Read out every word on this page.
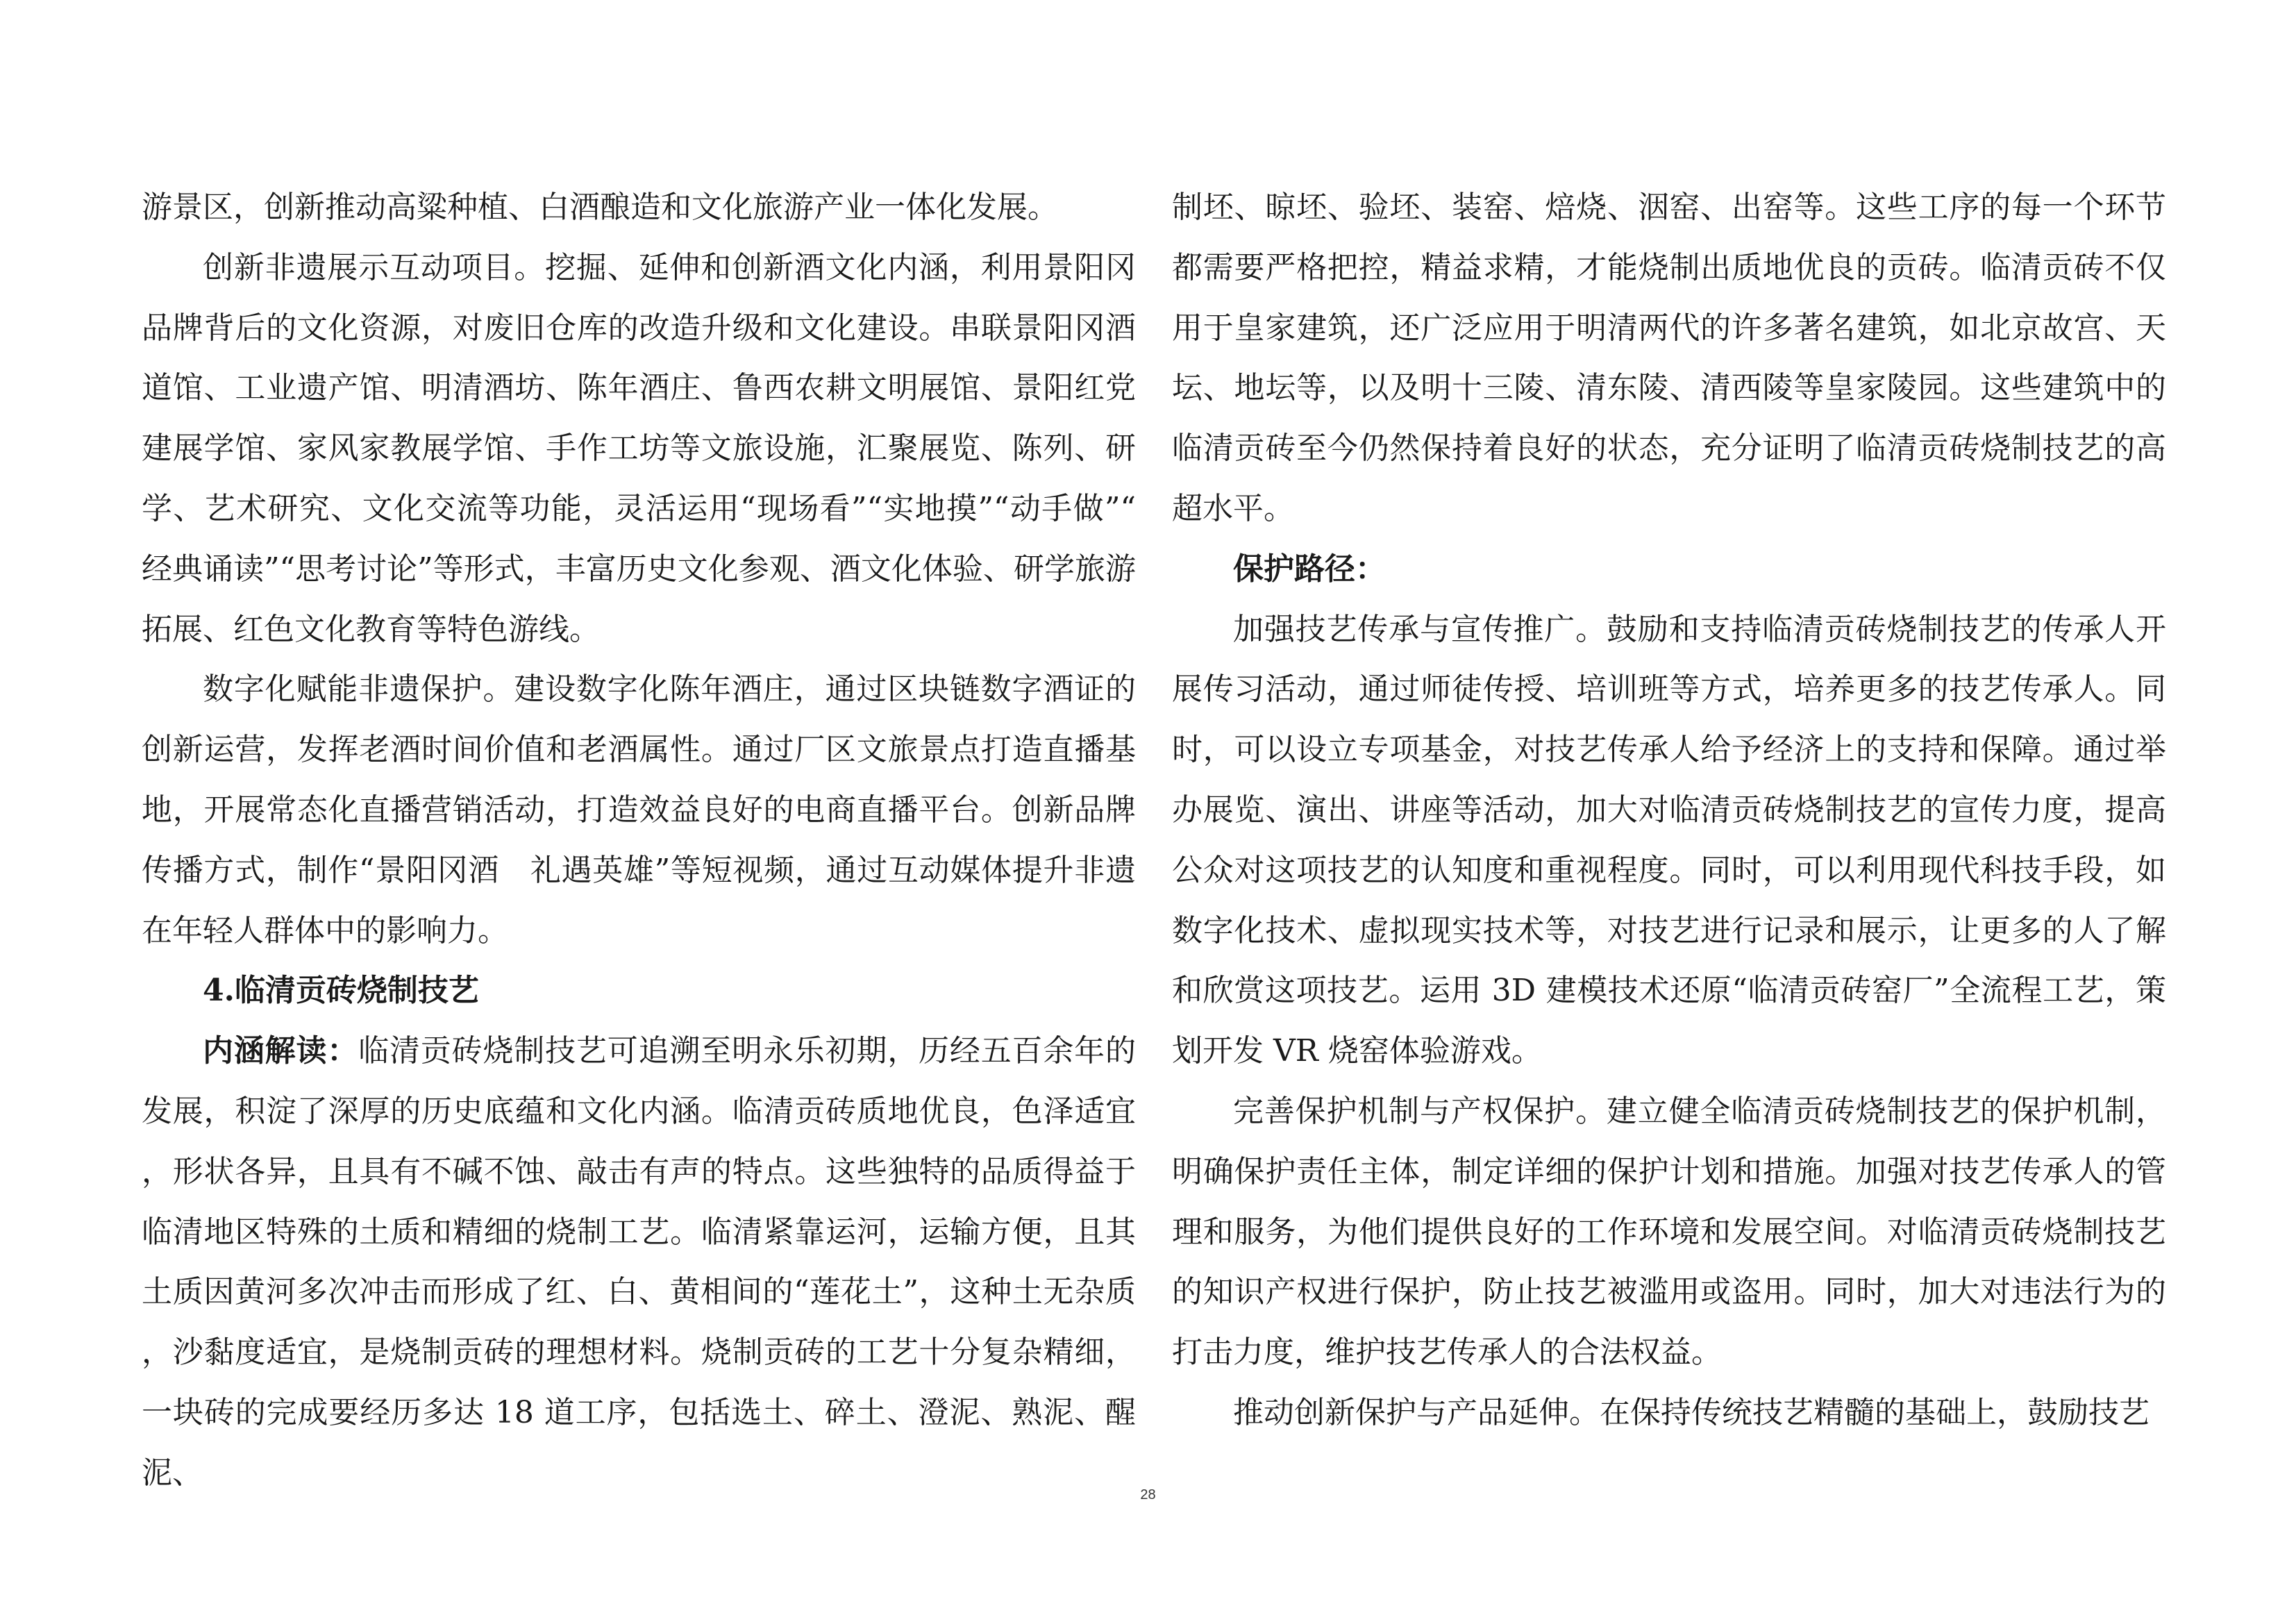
游景区，创新推动高粱种植、白酒酿造和文化旅游产业一体化发展。

创新非遗展示互动项目。挖掘、延伸和创新酒文化内涵，利用景阳冈品牌背后的文化资源，对废旧仓库的改造升级和文化建设。串联景阳冈酒道馆、工业遗产馆、明清酒坊、陈年酒庄、鲁西农耕文明展馆、景阳红党建展学馆、家风家教展学馆、手作工坊等文旅设施，汇聚展览、陈列、研学、艺术研究、文化交流等功能，灵活运用“现场看”“实地摸”“动手做”“经典诵读”“思考讨论”等形式，丰富历史文化参观、酒文化体验、研学旅游拓展、红色文化教育等特色游线。

数字化赋能非遗保护。建设数字化陈年酒庄，通过区块链数字酒证的创新运营，发挥老酒时间价值和老酒属性。通过厂区文旅景点打造直播基地，开展常态化直播营销活动，打造效益良好的电商直播平台。创新品牌传播方式，制作“景阳冈酒　礼遇英雄”等短视频，通过互动媒体提升非遗在年轻人群体中的影响力。

4.临清贡砖烧制技艺

内涵解读：临清贡砖烧制技艺可追溯至明永乐初期，历经五百余年的发展，积淀了深厚的历史底蕴和文化内涵。临清贡砖质地优良，色泽适宜，形状各异，且具有不碱不蚀、敲击有声的特点。这些独特的品质得益于临清地区特殊的土质和精细的烧制工艺。临清紧靠运河，运输方便，且其土质因黄河多次冲击而形成了红、白、黄相间的“莲花土”，这种土无杂质，沙黏度适宜，是烧制贡砖的理想材料。烧制贡砖的工艺十分复杂精细，一块砖的完成要经历多达 18 道工序，包括选土、碎土、澄泥、熟泥、醒泥、

制坯、晾坯、验坯、装窑、焙烧、洇窑、出窑等。这些工序的每一个环节都需要严格把控，精益求精，才能烧制出质地优良的贡砖。临清贡砖不仅用于皇家建筑，还广泛应用于明清两代的许多著名建筑，如北京故宫、天坛、地坛等，以及明十三陵、清东陵、清西陵等皇家陵园。这些建筑中的临清贡砖至今仍然保持着良好的状态，充分证明了临清贡砖烧制技艺的高超水平。

保护路径：

加强技艺传承与宣传推广。鼓励和支持临清贡砖烧制技艺的传承人开展传习活动，通过师徒传授、培训班等方式，培养更多的技艺传承人。同时，可以设立专项基金，对技艺传承人给予经济上的支持和保障。通过举办展览、演出、讲座等活动，加大对临清贡砖烧制技艺的宣传力度，提高公众对这项技艺的认知度和重视程度。同时，可以利用现代科技手段，如数字化技术、虚拟现实技术等，对技艺进行记录和展示，让更多的人了解和欣赏这项技艺。运用 3D 建模技术还原“临清贡砖窑厂”全流程工艺，策划开发 VR 烧窑体验游戏。

完善保护机制与产权保护。建立健全临清贡砖烧制技艺的保护机制，明确保护责任主体，制定详细的保护计划和措施。加强对技艺传承人的管理和服务，为他们提供良好的工作环境和发展空间。对临清贡砖烧制技艺的知识产权进行保护，防止技艺被滥用或盗用。同时，加大对违法行为的打击力度，维护技艺传承人的合法权益。

推动创新保护与产品延伸。在保持传统技艺精髓的基础上，鼓励技艺

28
